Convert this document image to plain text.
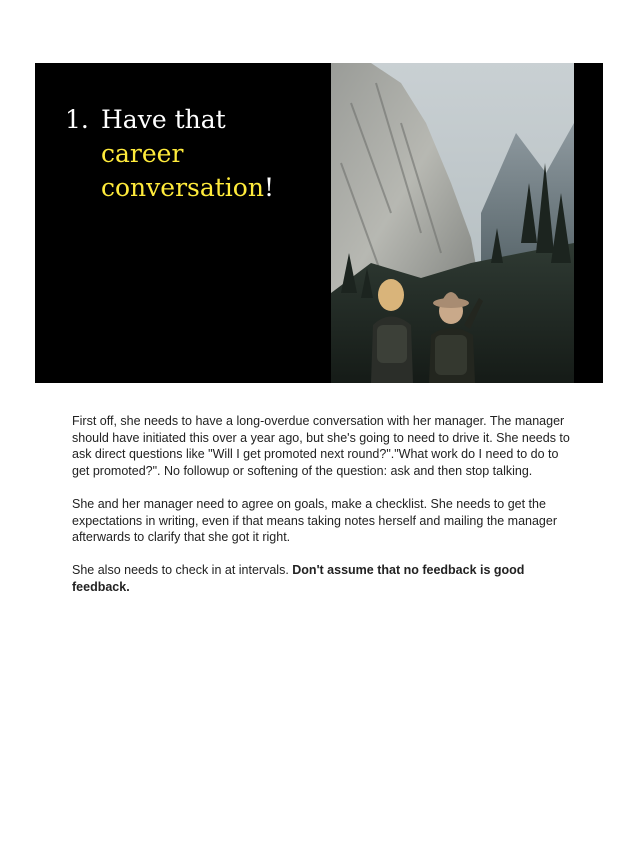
1. Have that
career
conversation!

First off, she needs to have a long-overdue conversation with her manager. The manager should have initiated this over a year ago, but she's going to need to drive it. She needs to ask direct questions like "Will I get promoted next round?"."What work do I need to do to get promoted?". No followup or softening of the question: ask and then stop talking.

She and her manager need to agree on goals, make a checklist. She needs to get the expectations in writing, even if that means taking notes herself and mailing the manager afterwards to clarify that she got it right.

She also needs to check in at intervals. Don't assume that no feedback is good feedback.
